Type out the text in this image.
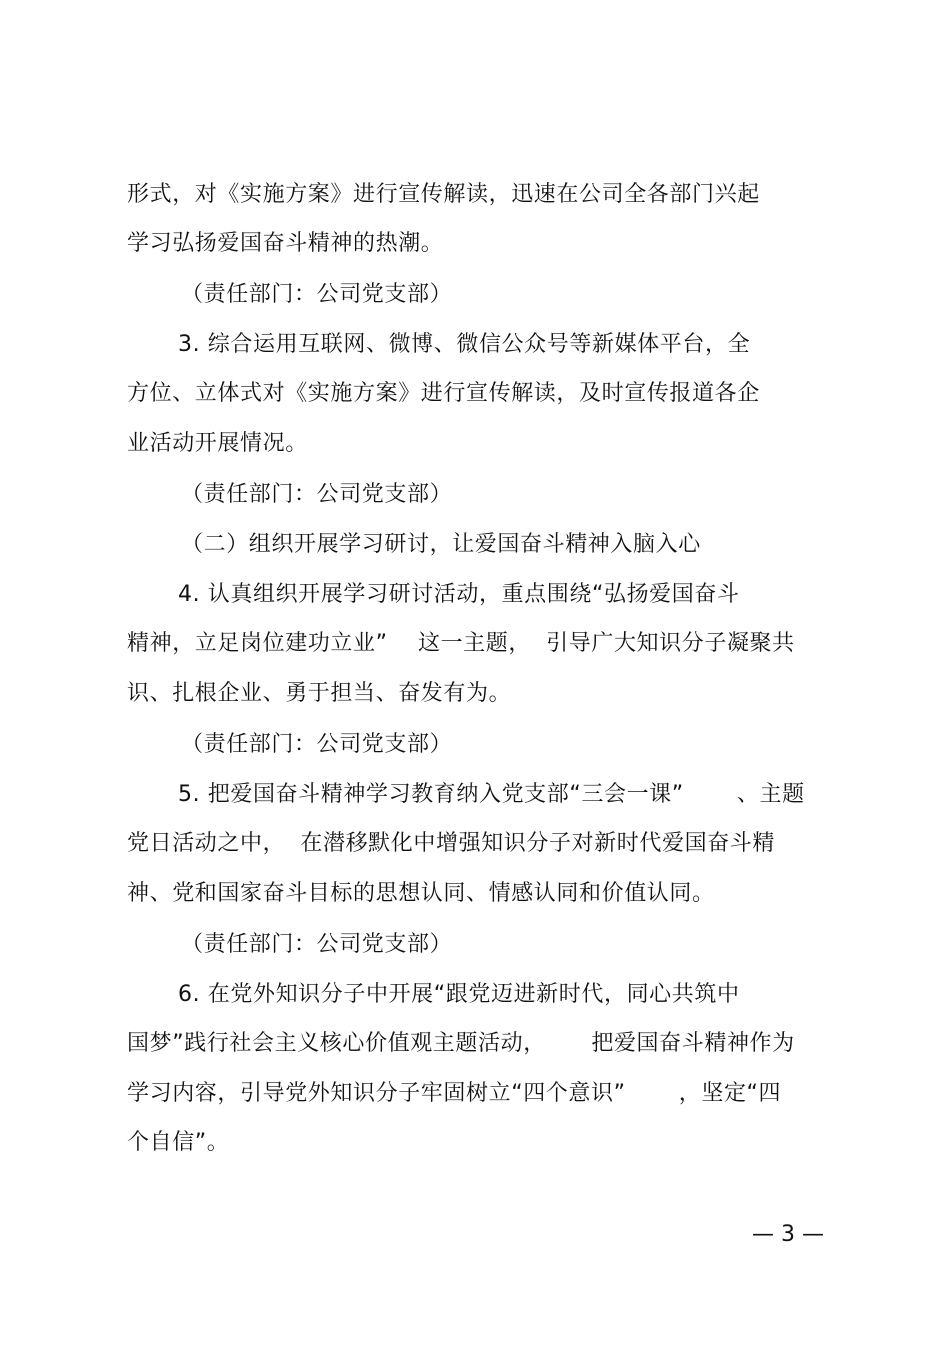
形式，对《实施方案》进行宣传解读，迅速在公司全各部门兴起
学习弘扬爱国奋斗精神的热潮。
（责任部门：公司党支部）
3. 综合运用互联网、微博、微信公众号等新媒体平台，全
方位、立体式对《实施方案》进行宣传解读，及时宣传报道各企
业活动开展情况。
（责任部门：公司党支部）
（二）组织开展学习研讨，让爱国奋斗精神入脑入心
4. 认真组织开展学习研讨活动，重点围绕“弘扬爱国奋斗
精神，立足岗位建功立业”    这一主题，  引导广大知识分子凝聚共
识、扎根企业、勇于担当、奋发有为。
（责任部门：公司党支部）
5. 把爱国奋斗精神学习教育纳入党支部“三会一课”       、主题
党日活动之中，  在潜移默化中增强知识分子对新时代爱国奋斗精
神、党和国家奋斗目标的思想认同、情感认同和价值认同。
（责任部门：公司党支部）
6. 在党外知识分子中开展“跟党迈进新时代，同心共筑中
国梦”践行社会主义核心价值观主题活动，      把爱国奋斗精神作为
学习内容，引导党外知识分子牢固树立“四个意识”       ，坚定“四
个自信”。
— 3 —
